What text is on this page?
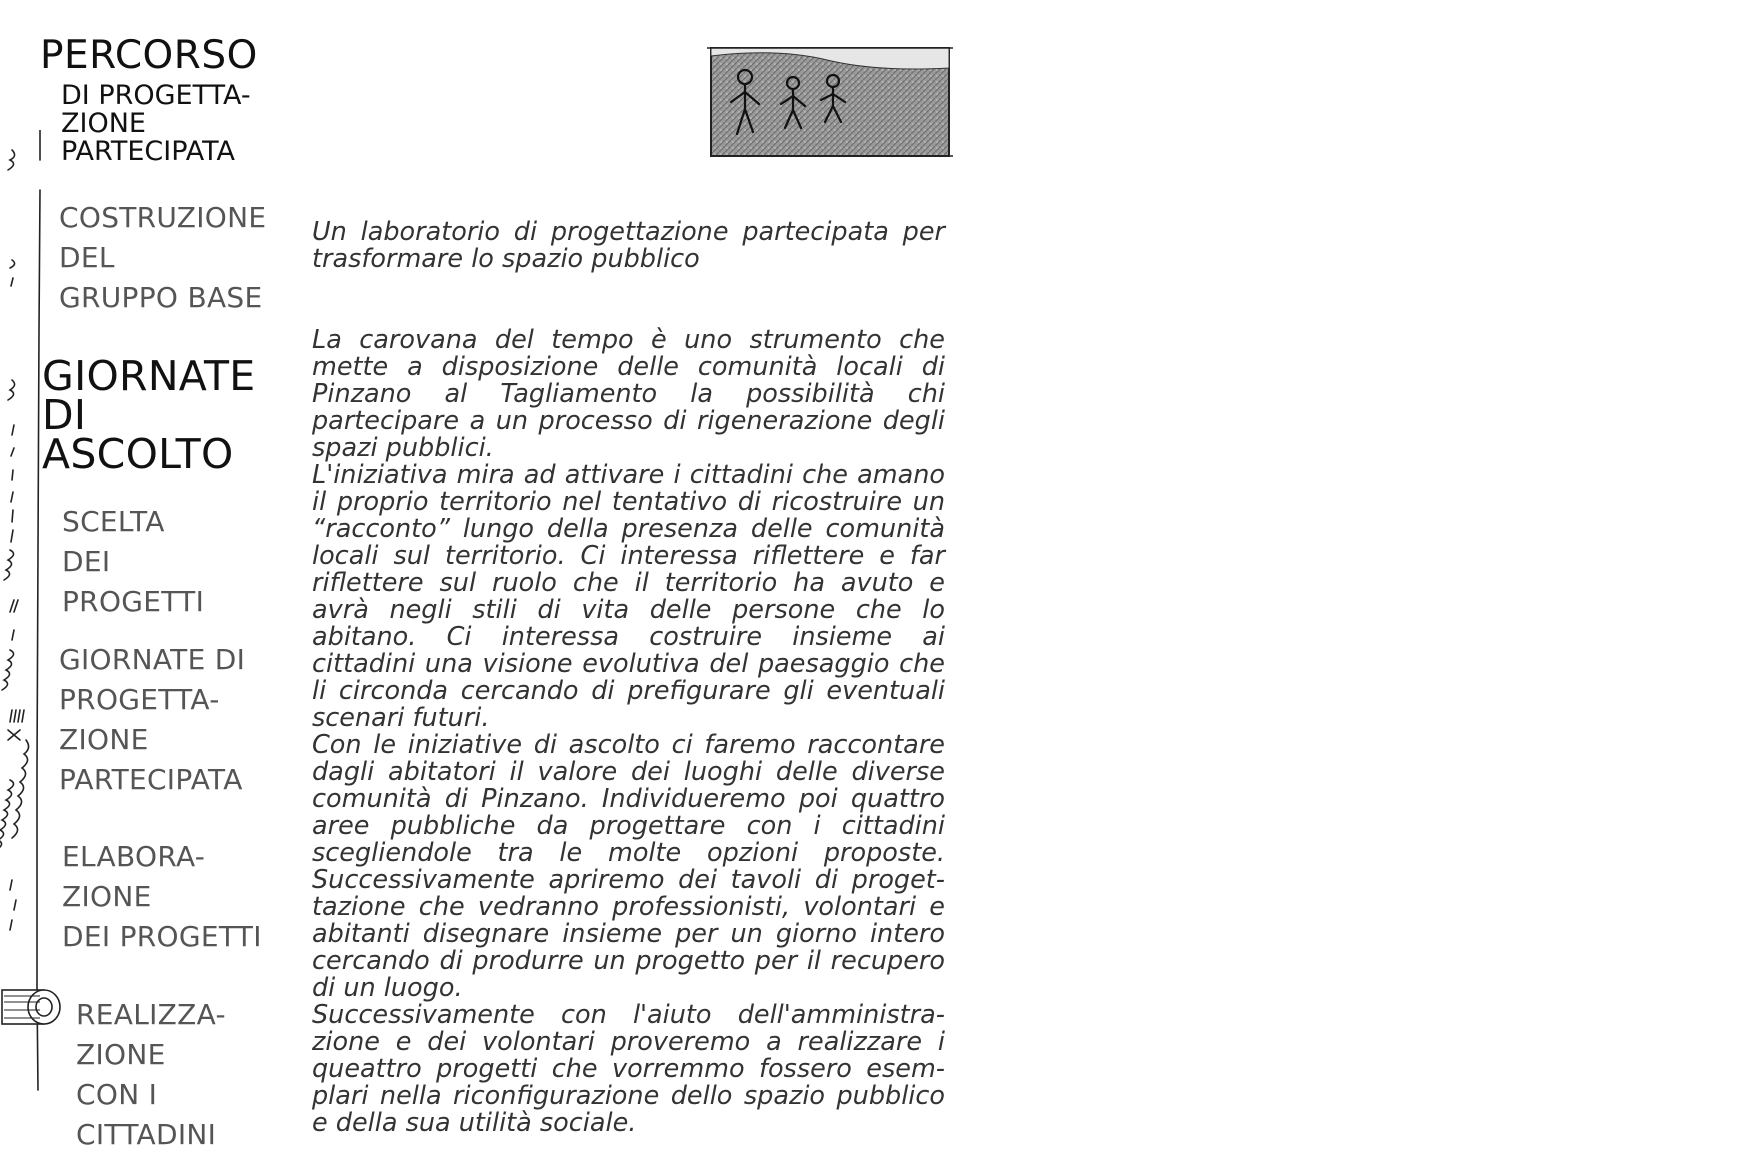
PERCORSO
DI PROGETTA-
ZIONE
PARTECIPATA
COSTRUZIONE
DEL
GRUPPO BASE
GIORNATE
DI
ASCOLTO
SCELTA
DEI
PROGETTI
GIORNATE DI
PROGETTA-
ZIONE
PARTECIPATA
ELABORA-
ZIONE
DEI PROGETTI
REALIZZA-
ZIONE
CON I
CITTADINI

Un laboratorio di progettazione partecipata per trasformare lo spazio pubblico

La carovana del tempo è uno strumento che mette a disposizione delle comunità locali di Pinzano al Tagliamento la possibilità chi partecipare a un processo di rigenerazione degli spazi pubblici.

L'iniziativa mira ad attivare i cittadini che amano il proprio territorio nel tentativo di ricostruire un “racconto” lungo della presenza delle comunità locali sul territorio. Ci interessa riflettere e far riflettere sul ruolo che il territorio ha avuto e avrà negli stili di vita delle persone che lo abitano. Ci interessa costruire insieme ai cittadini una visione evolutiva del paesaggio che li circonda cercando di prefigurare gli eventuali scenari futuri.

Con le iniziative di ascolto ci faremo raccontare dagli abitatori il valore dei luoghi delle diverse comunità di Pinzano. Individueremo poi quattro aree pubbliche da progettare con i cittadini scegliendole tra le molte opzioni proposte. Successivamente apriremo dei tavoli di progettazione che vedranno professionisti, volontari e abitanti disegnare insieme per un giorno intero cercando di produrre un progetto per il recupero di un luogo.

Successivamente con l'aiuto dell'amministrazione e dei volontari proveremo a realizzare i queattro progetti che vorremmo fossero esemplari nella riconfigurazione dello spazio pubblico e della sua utilità sociale.
